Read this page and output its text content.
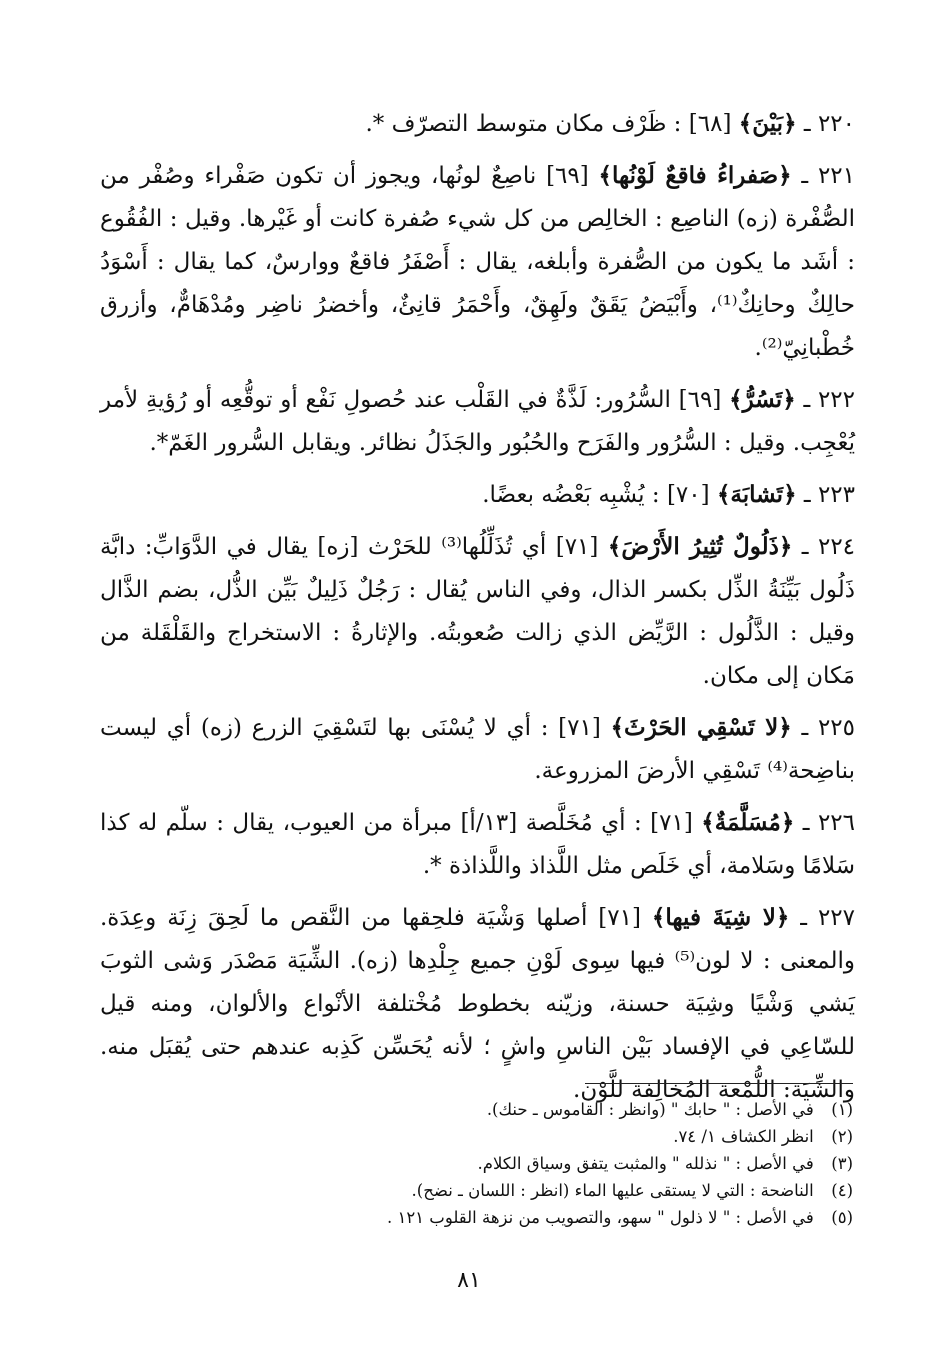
٢٢٠ ـ ﴿بَيْنَ﴾ [٦٨] : ظَرْف مكان متوسط التصرّف *.

٢٢١ ـ ﴿صَفراءُ فاقعٌ لَوْنُها﴾ [٦٩] ناصِعٌ لونُها، ويجوز أن تكون صَفْراء وصُفْر من الصُّفْرة (زه) الناصِع : الخالِص من كل شيء صُفرة كانت أو غَيْرها. وقيل : الفُقُوع : أشَد ما يكون من الصُّفرة وأبلغه، يقال : أَصْفَرُ فاقعٌ ووارسٌ، كما يقال : أَسْوَدُ حالِكٌ وحانِكٌ⁽¹⁾، وأَبْيَضُ يَقَقٌ ولَهِقٌ، وأَحْمَرُ قانِئٌ، وأخضرُ ناضِر ومُدْهَامٌّ، وأزرق خُطْبانِيّ⁽²⁾.

٢٢٢ ـ ﴿تَسُرُّ﴾ [٦٩] السُّرُور: لَذَّةٌ في القَلْب عند حُصولِ نَفْع أو توقُّعِه أو رُؤيةِ لأمر يُعْجِب. وقيل : السُّرُور والفَرَح والحُبُور والجَذَلُ نظائر. ويقابل السُّرور الغَمّ*.

٢٢٣ ـ ﴿تَشابَهَ﴾ [٧٠] : يُشْبِه بَعْضُه بعضًا.

٢٢٤ ـ ﴿ذَلُولٌ تُثِيرُ الأَرْضَ﴾ [٧١] أي تُذَلِّلُها⁽³⁾ للحَرْث [زه] يقال في الدَّوَابِّ: دابَّة ذَلُول بَيِّنَةُ الذِّل بكسر الذال، وفي الناس يُقال : رَجُلٌ ذَلِيلٌ بَيِّن الذُّل، بضم الذَّال وقيل : الذَّلُول : الرَّيِّض الذي زالت صُعوبتُه. والإثارةُ : الاستخراج والقَلْقَلة من مَكان إلى مكان.

٢٢٥ ـ ﴿لا تَسْقِي الحَرْثَ﴾ [٧١] : أي لا يُسْنَى بها لتَسْقِيَ الزرع (زه) أي ليست بناضِحة⁽⁴⁾ تَسْقِي الأرضَ المزروعة.

٢٢٦ ـ ﴿مُسَلَّمَةٌ﴾ [٧١] : أي مُخَلَّصة [١٣/أ] مبرأة من العيوب، يقال : سلّم له كذا سَلامًا وسَلامة، أي خَلَص مثل اللَّذاذ واللَّذاذة *.

٢٢٧ ـ ﴿لا شِيَةَ فيها﴾ [٧١] أصلها وَشْيَة فلحِقها من النَّقص ما لَحِقَ زِنَة وعِدَة. والمعنى : لا لون⁽⁵⁾ فيها سِوى لَوْنِ جميع جِلْدِها (زه). الشِّيَة مَصْدَر وَشى الثوبَ يَشي وَشْيًا وشِيَة حسنة، وزيّنه بخطوط مُخْتلفة الأنْواع والألوان، ومنه قيل للسّاعِي في الإفساد بَيْن الناسِ واشٍ ؛ لأنه يُحَسِّن كَذِبه عندهم حتى يُقبَل منه. والشِّيَة: اللُّمْعة المُخالِفة للَّوْن.

(١) في الأصل : " حابك " (وانظر : القاموس ـ حنك).

(٢) انظر الكشاف ١/ ٧٤.

(٣) في الأصل : " نذلله " والمثبت يتفق وسياق الكلام.

(٤) الناضحة : التي لا يستقى عليها الماء (انظر : اللسان ـ نضح).

(٥) في الأصل : " لا ذلول " سهو، والتصويب من نزهة القلوب ١٢١ .

٨١
